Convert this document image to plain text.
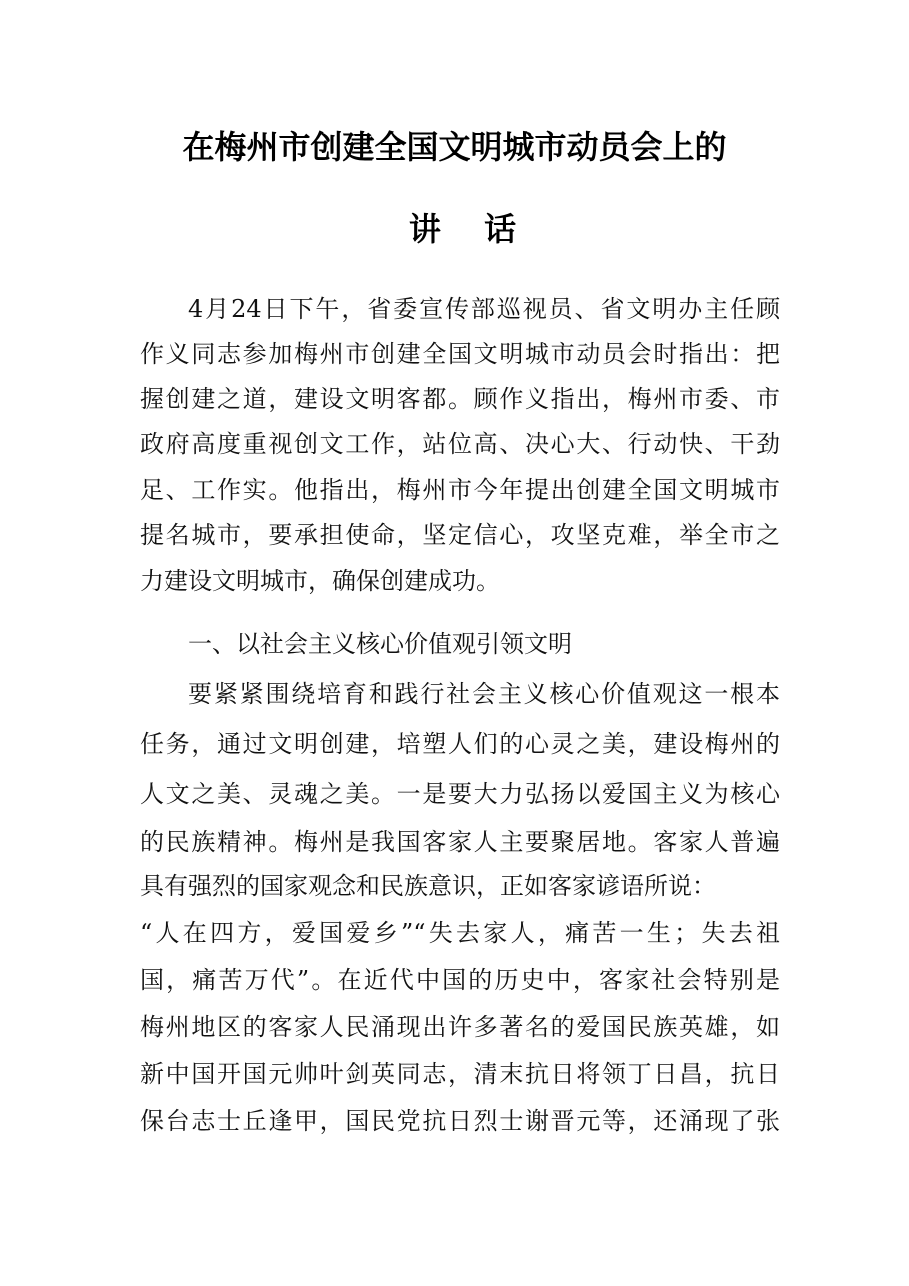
在梅州市创建全国文明城市动员会上的
讲 话
4月24日下午，省委宣传部巡视员、省文明办主任顾
作义同志参加梅州市创建全国文明城市动员会时指出：把
握创建之道，建设文明客都。顾作义指出，梅州市委、市
政府高度重视创文工作，站位高、决心大、行动快、干劲
足、工作实。他指出，梅州市今年提出创建全国文明城市
提名城市，要承担使命，坚定信心，攻坚克难，举全市之
力建设文明城市，确保创建成功。
一、以社会主义核心价值观引领文明
要紧紧围绕培育和践行社会主义核心价值观这一根本
任务，通过文明创建，培塑人们的心灵之美，建设梅州的
人文之美、灵魂之美。一是要大力弘扬以爱国主义为核心
的民族精神。梅州是我国客家人主要聚居地。客家人普遍
具有强烈的国家观念和民族意识，正如客家谚语所说：
“人在四方，爱国爱乡”“失去家人，痛苦一生；失去祖
国，痛苦万代”。在近代中国的历史中，客家社会特别是
梅州地区的客家人民涌现出许多著名的爱国民族英雄，如
新中国开国元帅叶剑英同志，清末抗日将领丁日昌，抗日
保台志士丘逢甲，国民党抗日烈士谢晋元等，还涌现了张
